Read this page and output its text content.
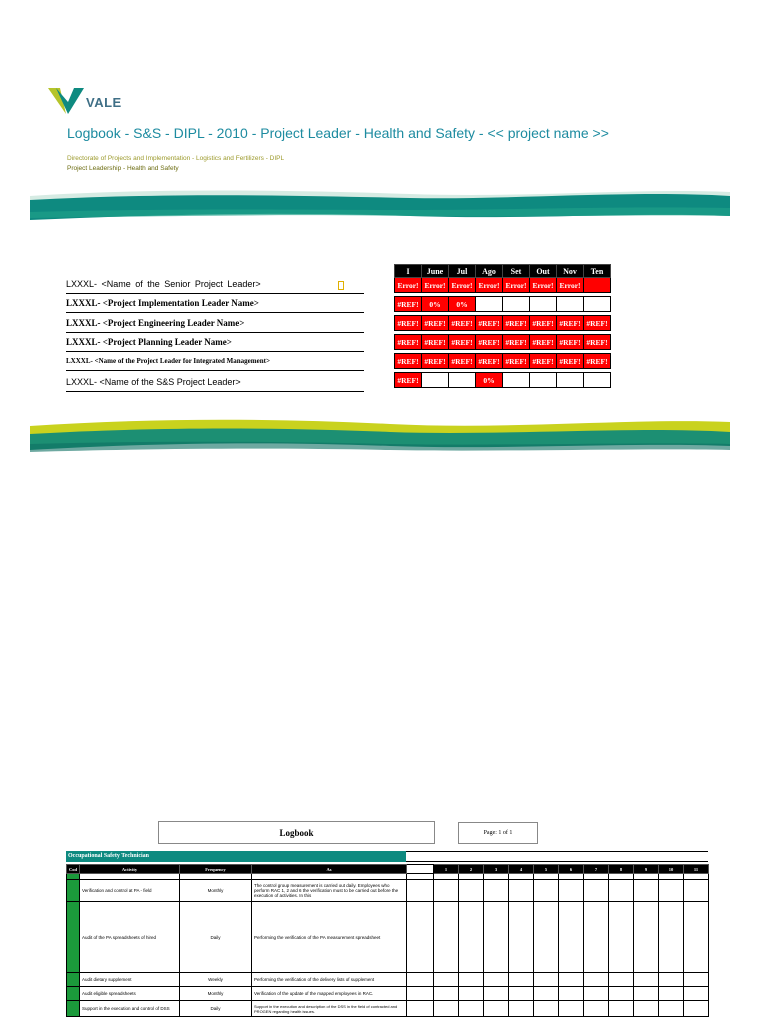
VALE
Logbook - S&S - DIPL - 2010 - Project Leader - Health and Safety - << project name >>
Directorate of Projects and Implementation - Logistics and Fertilizers - DIPL
Project Leadership - Health and Safety
LXXXL- <Name of the Senior Project Leader>
LXXXL- <Project Implementation Leader Name>
LXXXL- <Project Engineering Leader Name>
LXXXL- <Project Planning Leader Name>
LXXXL- <Name of the Project Leader for Integrated Management>
LXXXL- <Name of the S&S Project Leader>
I	June	Jul	Ago	Set	Out	Nov	Ten
Error!	Error!	Error!	Error!	Error!	Error!	Error!	

#REF!	0%	0%					

#REF!	#REF!	#REF!	#REF!	#REF!	#REF!	#REF!	#REF!

#REF!	#REF!	#REF!	#REF!	#REF!	#REF!	#REF!	#REF!

#REF!	#REF!	#REF!	#REF!	#REF!	#REF!	#REF!	#REF!

#REF!			0%				
Logbook	Page: 1 of 1
Occupational Safety Technician
Cod	Activity	Frequency	As		1	2	3	4	5	6	7	8	9	10	11

	Verification and control at PA - field	Monthly	The control group measurement is carried out daily. Employees who perform RAC 1, 2 and 6 the verification must to be carried out before the execution of activities. In this												
	Audit of the PA spreadsheets of hired	Daily	Performing the verification of the PA measurement spreadsheet												
	Audit dietary supplement	Weekly	Performing the verification of the delivery lists of supplement												
	Audit eligible spreadsheets	Monthly	Verification of the update of the mapped employees in RAC.												
	Support in the execution and control of DSS	Daily	Support in the execution and description of the DSS in the field of contracted and PROGEN regarding health issues.												
